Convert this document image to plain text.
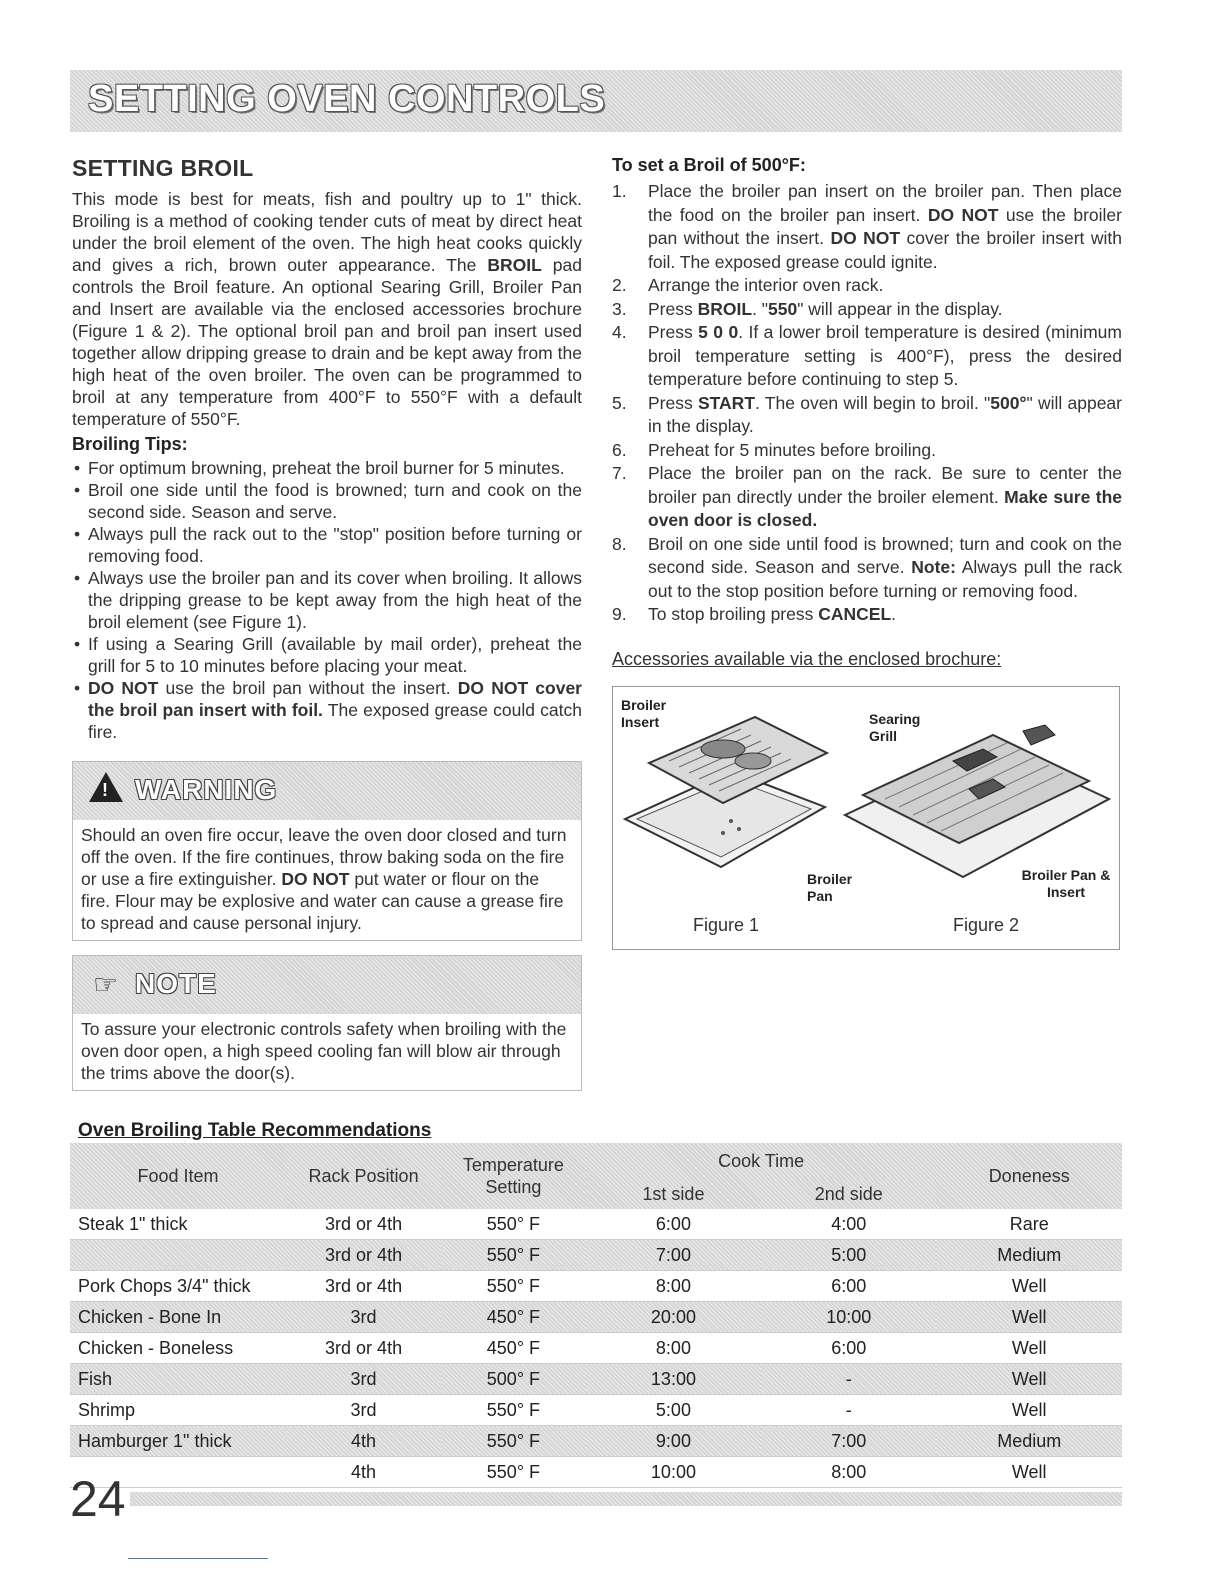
SETTING OVEN CONTROLS
SETTING BROIL

This mode is best for meats, fish and poultry up to 1" thick. Broiling is a method of cooking tender cuts of meat by direct heat under the broil element of the oven. The high heat cooks quickly and gives a rich, brown outer appearance. The BROIL pad controls the Broil feature. An optional Searing Grill, Broiler Pan and Insert are available via the enclosed accessories brochure (Figure 1 & 2). The optional broil pan and broil pan insert used together allow dripping grease to drain and be kept away from the high heat of the oven broiler. The oven can be programmed to broil at any temperature from 400°F to 550°F with a default temperature of 550°F.

Broiling Tips:
• For optimum browning, preheat the broil burner for 5 minutes.
• Broil one side until the food is browned; turn and cook on the second side. Season and serve.
• Always pull the rack out to the "stop" position before turning or removing food.
• Always use the broiler pan and its cover when broiling. It allows the dripping grease to be kept away from the high heat of the broil element (see Figure 1).
• If using a Searing Grill (available by mail order), preheat the grill for 5 to 10 minutes before placing your meat.
• DO NOT use the broil pan without the insert. DO NOT cover the broil pan insert with foil. The exposed grease could catch fire.
! WARNING
Should an oven fire occur, leave the oven door closed and turn off the oven. If the fire continues, throw baking soda on the fire or use a fire extinguisher. DO NOT put water or flour on the fire. Flour may be explosive and water can cause a grease fire to spread and cause personal injury.
☞ NOTE
To assure your electronic controls safety when broiling with the oven door open, a high speed cooling fan will blow air through the trims above the door(s).
To set a Broil of 500°F:
1. Place the broiler pan insert on the broiler pan. Then place the food on the broiler pan insert. DO NOT use the broiler pan without the insert. DO NOT cover the broiler insert with foil. The exposed grease could ignite.
2. Arrange the interior oven rack.
3. Press BROIL. "550" will appear in the display.
4. Press 5 0 0. If a lower broil temperature is desired (minimum broil temperature setting is 400°F), press the desired temperature before continuing to step 5.
5. Press START. The oven will begin to broil. "500°" will appear in the display.
6. Preheat for 5 minutes before broiling.
7. Place the broiler pan on the rack. Be sure to center the broiler pan directly under the broiler element. Make sure the oven door is closed.
8. Broil on one side until food is browned; turn and cook on the second side. Season and serve. Note: Always pull the rack out to the stop position before turning or removing food.
9. To stop broiling press CANCEL.
Accessories available via the enclosed brochure:
Broiler Insert	Searing Grill
Broiler Pan
Broiler Pan & Insert
Figure 1	Figure 2
Oven Broiling Table Recommendations
Food Item	Rack Position	Temperature Setting	Cook Time		Doneness
			1st side	2nd side	
Steak 1" thick	3rd or 4th	550° F	6:00	4:00	Rare
	3rd or 4th	550° F	7:00	5:00	Medium
Pork Chops 3/4" thick	3rd or 4th	550° F	8:00	6:00	Well
Chicken - Bone In	3rd	450° F	20:00	10:00	Well
Chicken - Boneless	3rd or 4th	450° F	8:00	6:00	Well
Fish	3rd	500° F	13:00	-	Well
Shrimp	3rd	550° F	5:00	-	Well
Hamburger 1" thick	4th	550° F	9:00	7:00	Medium
	4th	550° F	10:00	8:00	Well
24
